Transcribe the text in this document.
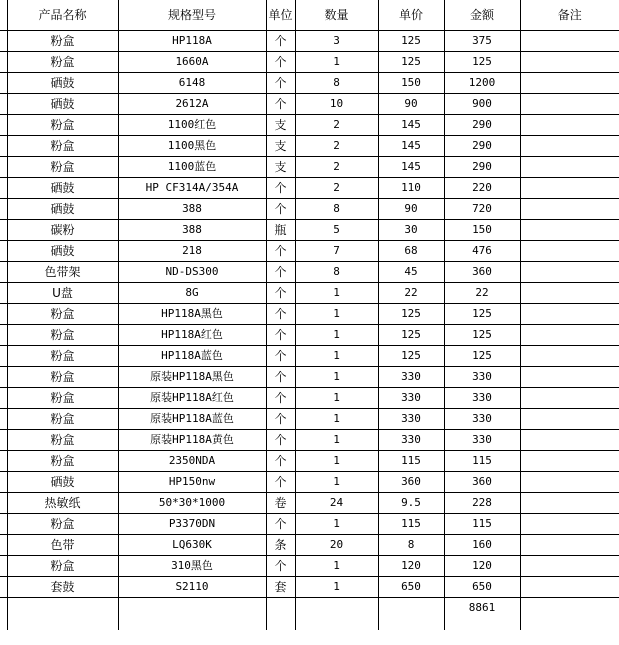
	产品名称	规格型号	单位	数量	单价	金额	备注
	粉盒	HP118A	个	3	125	375	
	粉盒	1660A	个	1	125	125	
	硒鼓	6148	个	8	150	1200	
	硒鼓	2612A	个	10	90	900	
	粉盒	1100红色	支	2	145	290	
	粉盒	1100黑色	支	2	145	290	
	粉盒	1100蓝色	支	2	145	290	
	硒鼓	HP CF314A/354A	个	2	110	220	
	硒鼓	388	个	8	90	720	
	碳粉	388	瓶	5	30	150	
	硒鼓	218	个	7	68	476	
	色带架	ND-DS300	个	8	45	360	
	U盘	8G	个	1	22	22	
	粉盒	HP118A黑色	个	1	125	125	
	粉盒	HP118A红色	个	1	125	125	
	粉盒	HP118A蓝色	个	1	125	125	
	粉盒	原装HP118A黑色	个	1	330	330	
	粉盒	原装HP118A红色	个	1	330	330	
	粉盒	原装HP118A蓝色	个	1	330	330	
	粉盒	原装HP118A黄色	个	1	330	330	
	粉盒	2350NDA	个	1	115	115	
	硒鼓	HP150nw	个	1	360	360	
	热敏纸	50*30*1000	卷	24	9.5	228	
	粉盒	P3370DN	个	1	115	115	
	色带	LQ630K	条	20	8	160	
	粉盒	310黑色	个	1	120	120	
	套鼓	S2110	套	1	650	650	
						8861	
